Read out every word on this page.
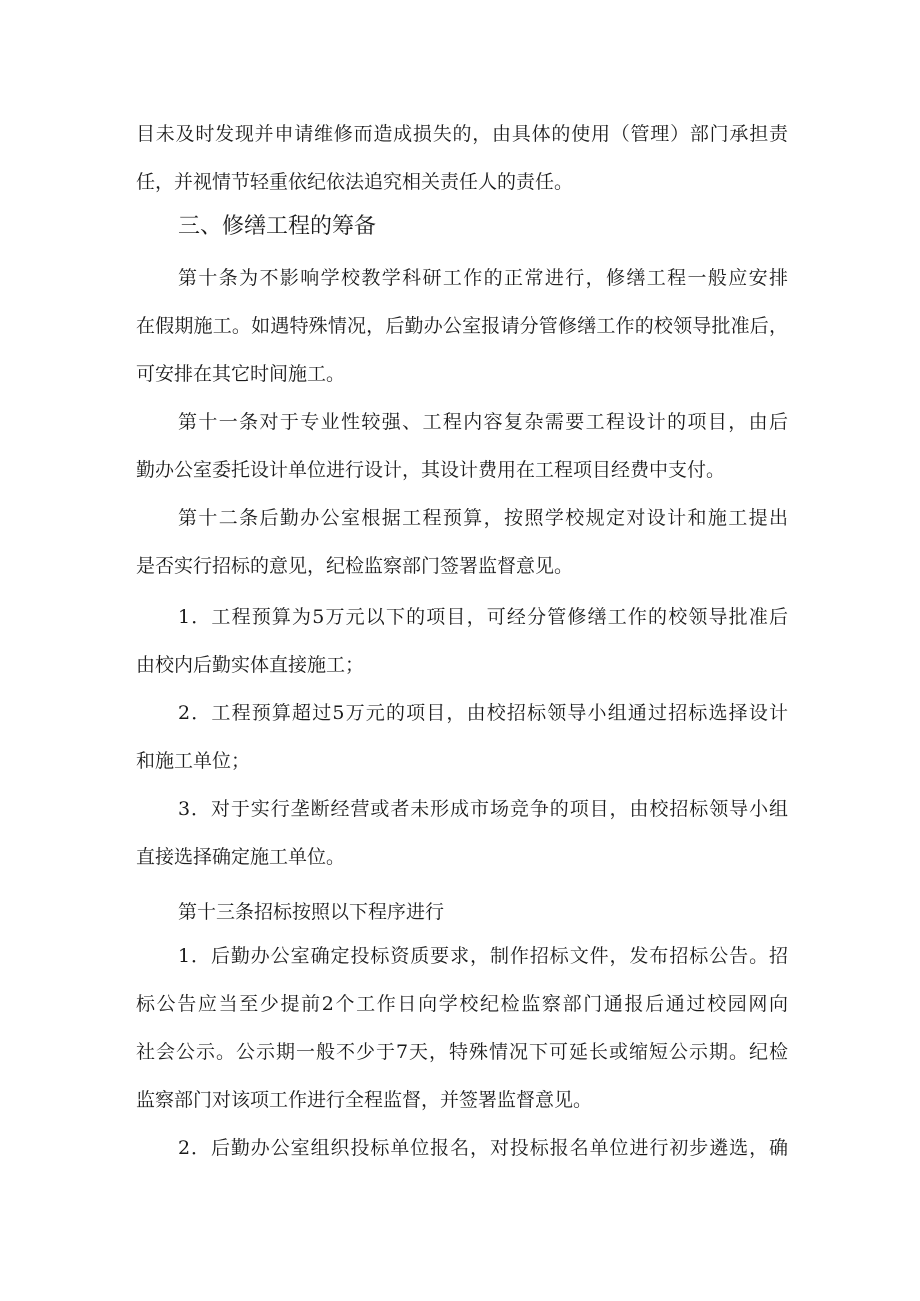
目未及时发现并申请维修而造成损失的，由具体的使用（管理）部门承担责
任，并视情节轻重依纪依法追究相关责任人的责任。
三、修缮工程的筹备
第十条为不影响学校教学科研工作的正常进行，修缮工程一般应安排
在假期施工。如遇特殊情况，后勤办公室报请分管修缮工作的校领导批准后，
可安排在其它时间施工。
第十一条对于专业性较强、工程内容复杂需要工程设计的项目，由后
勤办公室委托设计单位进行设计，其设计费用在工程项目经费中支付。
第十二条后勤办公室根据工程预算，按照学校规定对设计和施工提出
是否实行招标的意见，纪检监察部门签署监督意见。
1．工程预算为5万元以下的项目，可经分管修缮工作的校领导批准后
由校内后勤实体直接施工；
2．工程预算超过5万元的项目，由校招标领导小组通过招标选择设计
和施工单位；
3．对于实行垄断经营或者未形成市场竞争的项目，由校招标领导小组
直接选择确定施工单位。
第十三条招标按照以下程序进行
1．后勤办公室确定投标资质要求，制作招标文件，发布招标公告。招
标公告应当至少提前2个工作日向学校纪检监察部门通报后通过校园网向
社会公示。公示期一般不少于7天，特殊情况下可延长或缩短公示期。纪检
监察部门对该项工作进行全程监督，并签署监督意见。
2．后勤办公室组织投标单位报名，对投标报名单位进行初步遴选，确
